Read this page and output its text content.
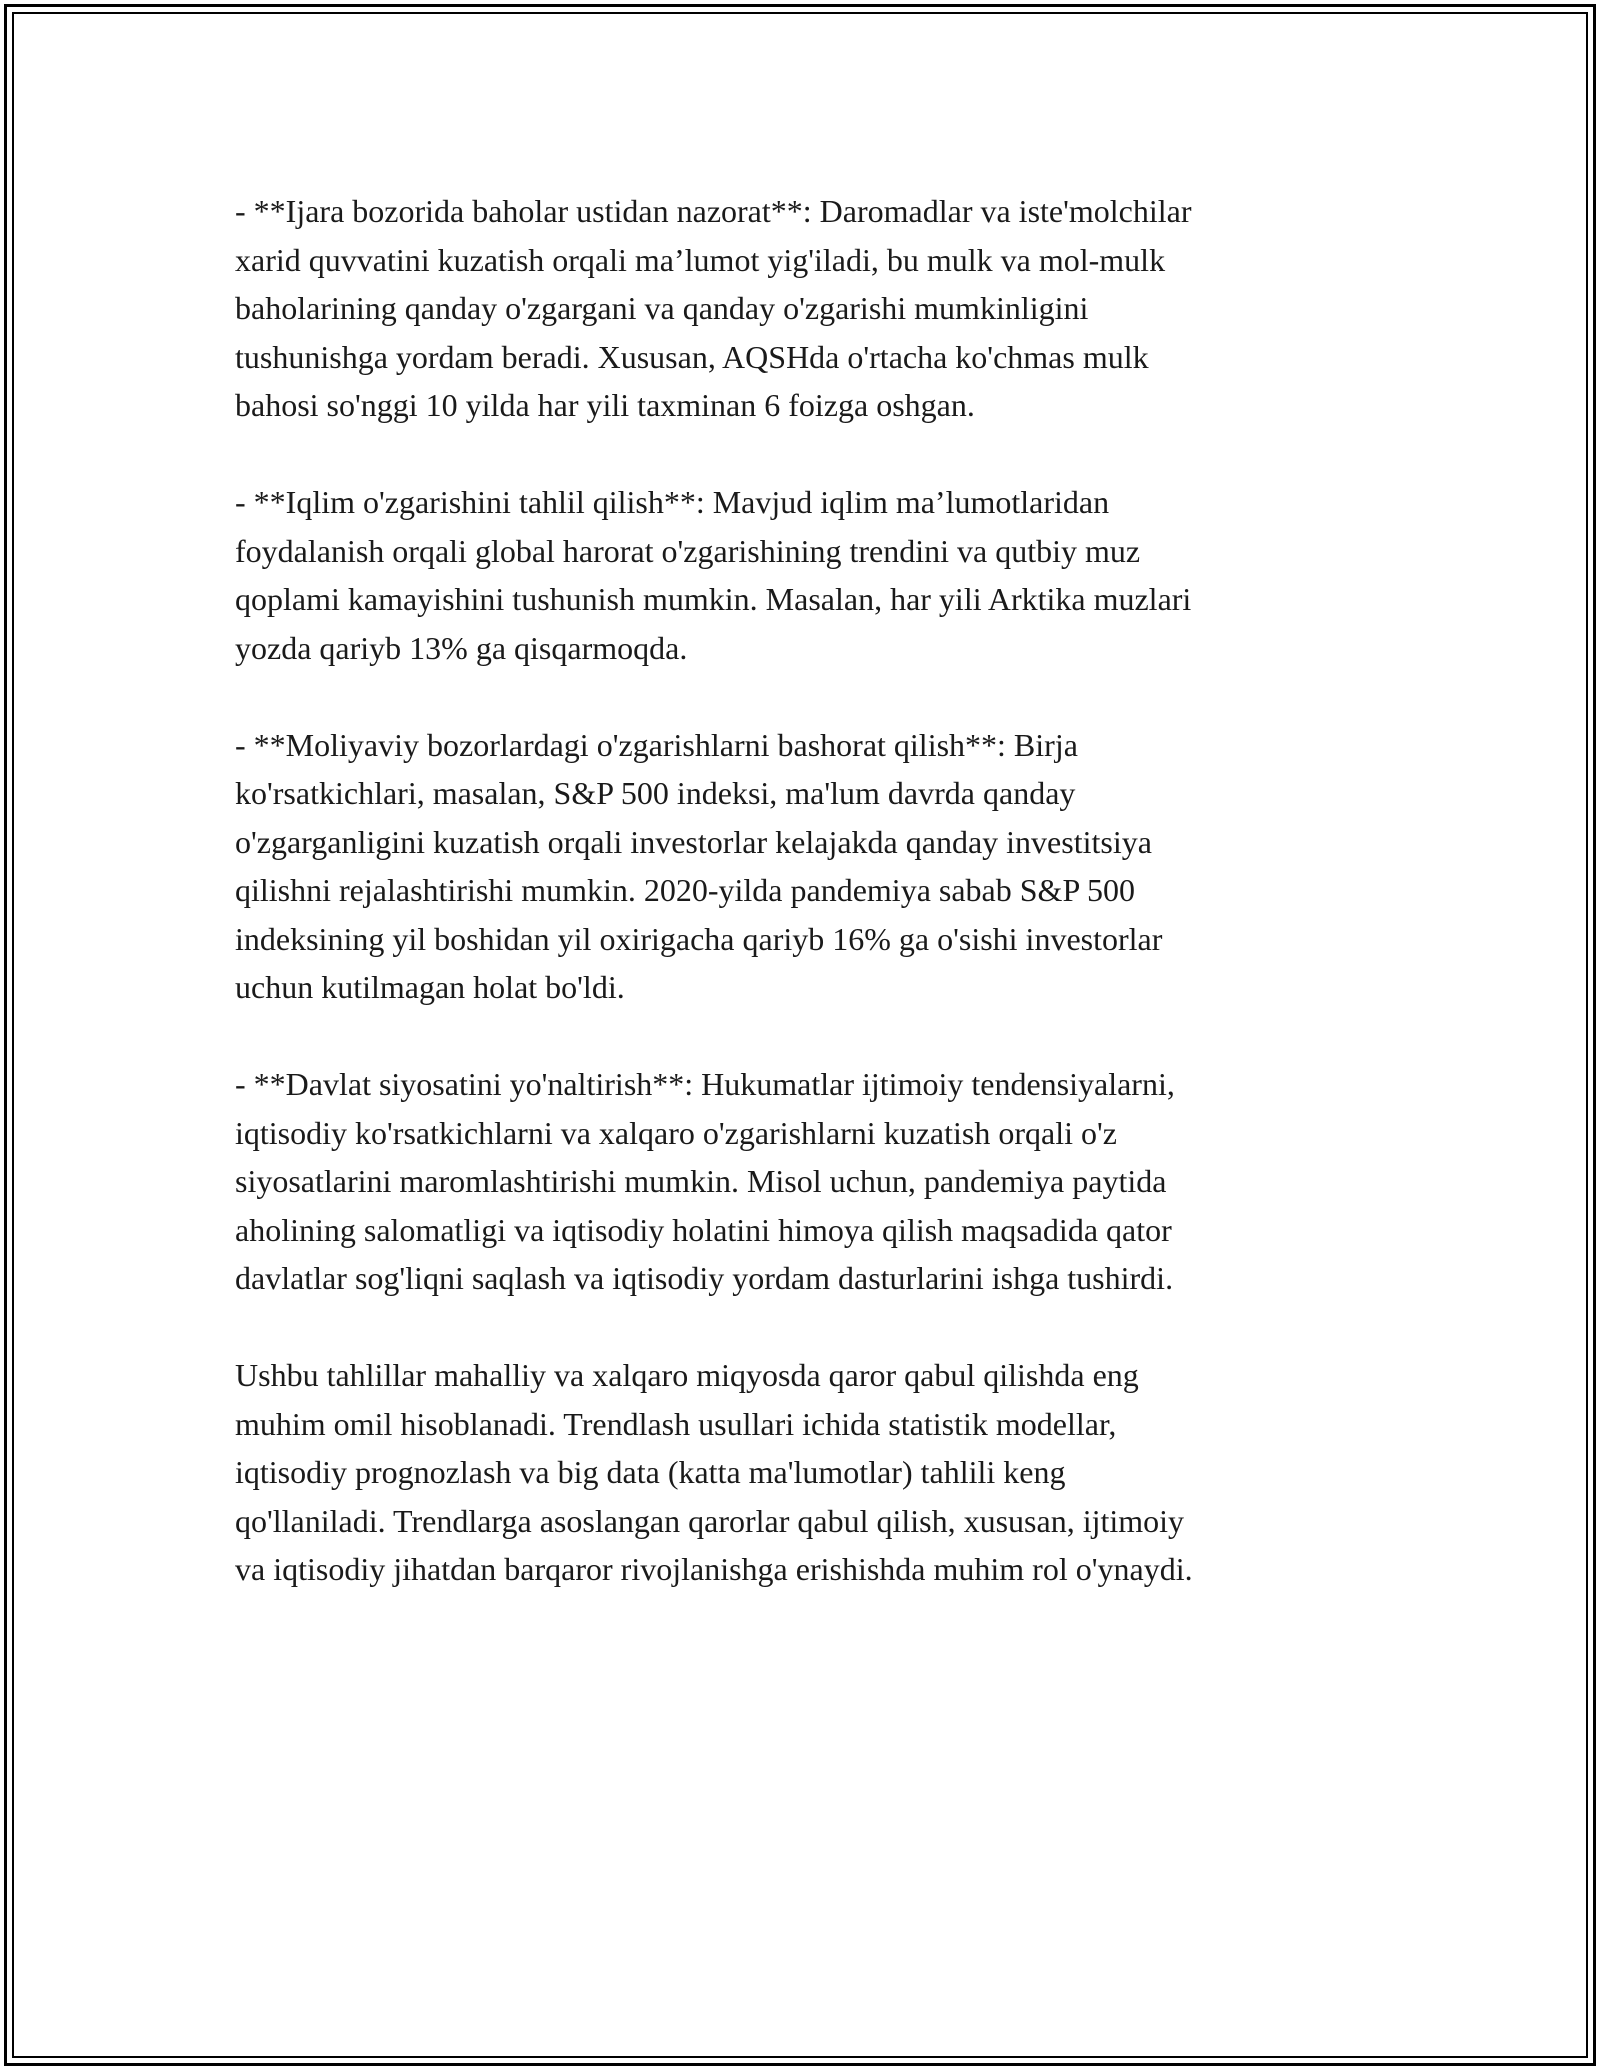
- **Ijara bozorida baholar ustidan nazorat**: Daromadlar va iste'molchilar
xarid quvvatini kuzatish orqali ma’lumot yig'iladi, bu mulk va mol-mulk
baholarining qanday o'zgargani va qanday o'zgarishi mumkinligini
tushunishga yordam beradi. Xususan, AQSHda o'rtacha ko'chmas mulk
bahosi so'nggi 10 yilda har yili taxminan 6 foizga oshgan.

- **Iqlim o'zgarishini tahlil qilish**: Mavjud iqlim ma’lumotlaridan
foydalanish orqali global harorat o'zgarishining trendini va qutbiy muz
qoplami kamayishini tushunish mumkin. Masalan, har yili Arktika muzlari
yozda qariyb 13% ga qisqarmoqda.

- **Moliyaviy bozorlardagi o'zgarishlarni bashorat qilish**: Birja
ko'rsatkichlari, masalan, S&P 500 indeksi, ma'lum davrda qanday
o'zgarganligini kuzatish orqali investorlar kelajakda qanday investitsiya
qilishni rejalashtirishi mumkin. 2020-yilda pandemiya sabab S&P 500
indeksining yil boshidan yil oxirigacha qariyb 16% ga o'sishi investorlar
uchun kutilmagan holat bo'ldi.

- **Davlat siyosatini yo'naltirish**: Hukumatlar ijtimoiy tendensiyalarni,
iqtisodiy ko'rsatkichlarni va xalqaro o'zgarishlarni kuzatish orqali o'z
siyosatlarini maromlashtirishi mumkin. Misol uchun, pandemiya paytida
aholining salomatligi va iqtisodiy holatini himoya qilish maqsadida qator
davlatlar sog'liqni saqlash va iqtisodiy yordam dasturlarini ishga tushirdi.

Ushbu tahlillar mahalliy va xalqaro miqyosda qaror qabul qilishda eng
muhim omil hisoblanadi. Trendlash usullari ichida statistik modellar,
iqtisodiy prognozlash va big data (katta ma'lumotlar) tahlili keng
qo'llaniladi. Trendlarga asoslangan qarorlar qabul qilish, xususan, ijtimoiy
va iqtisodiy jihatdan barqaror rivojlanishga erishishda muhim rol o'ynaydi.
